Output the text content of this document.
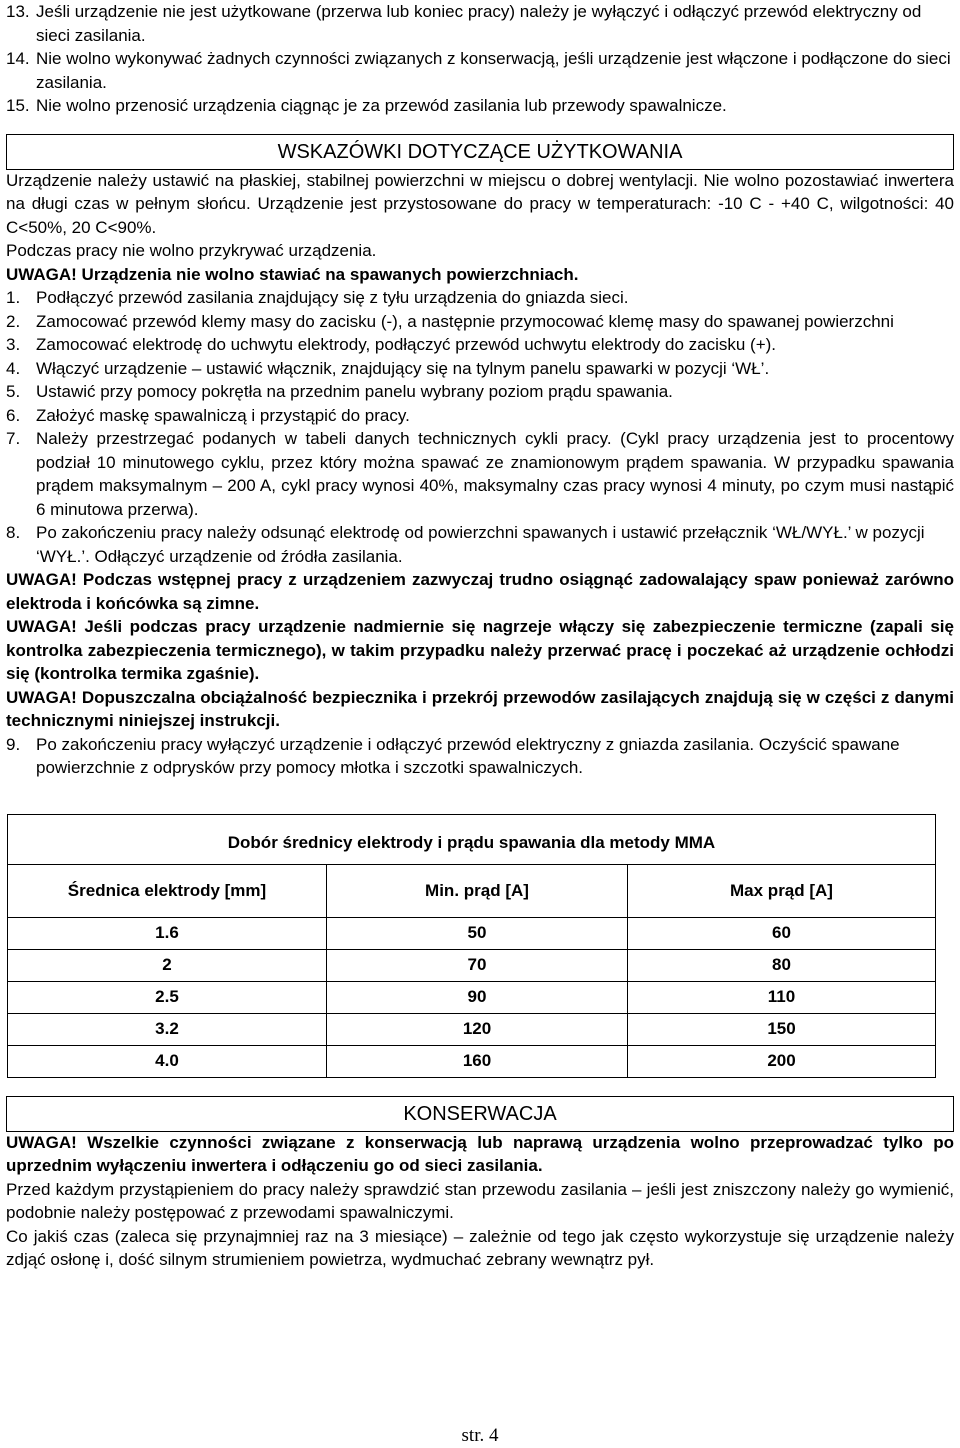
13. Jeśli urządzenie nie jest użytkowane (przerwa lub koniec pracy) należy je wyłączyć i odłączyć przewód elektryczny od sieci zasilania.
14. Nie wolno wykonywać żadnych czynności związanych z konserwacją, jeśli urządzenie jest włączone i podłączone do sieci zasilania.
15. Nie wolno przenosić urządzenia ciągnąc je za przewód zasilania lub przewody spawalnicze.
WSKAZÓWKI DOTYCZĄCE UŻYTKOWANIA

Urządzenie należy ustawić na płaskiej, stabilnej powierzchni w miejscu o dobrej wentylacji. Nie wolno pozostawiać inwertera na długi czas w pełnym słońcu. Urządzenie jest przystosowane do pracy w temperaturach: -10 C - +40 C, wilgotności: 40 C<50%, 20 C<90%.

Podczas pracy nie wolno przykrywać urządzenia.

UWAGA! Urządzenia nie wolno stawiać na spawanych powierzchniach.

1. Podłączyć przewód zasilania znajdujący się z tyłu urządzenia do gniazda sieci.
2. Zamocować przewód klemy masy do zacisku (-), a następnie przymocować klemę masy do spawanej powierzchni
3. Zamocować elektrodę do uchwytu elektrody, podłączyć przewód uchwytu elektrody do zacisku (+).
4. Włączyć urządzenie – ustawić włącznik, znajdujący się na tylnym panelu spawarki w pozycji ‘WŁ’.
5. Ustawić przy pomocy pokrętła na przednim panelu wybrany poziom prądu spawania.
6. Założyć maskę spawalniczą i przystąpić do pracy.
7. Należy przestrzegać podanych w tabeli danych technicznych cykli pracy. (Cykl pracy urządzenia jest to procentowy podział 10 minutowego cyklu, przez który można spawać ze znamionowym prądem spawania. W przypadku spawania prądem maksymalnym – 200 A, cykl pracy wynosi 40%, maksymalny czas pracy wynosi 4 minuty, po czym musi nastąpić 6 minutowa przerwa).
8. Po zakończeniu pracy należy odsunąć elektrodę od powierzchni spawanych i ustawić przełącznik ‘WŁ/WYŁ.’ w pozycji ‘WYŁ.’. Odłączyć urządzenie od źródła zasilania.

UWAGA! Podczas wstępnej pracy z urządzeniem zazwyczaj trudno osiągnąć zadowalający spaw ponieważ zarówno elektroda i końcówka są zimne.

UWAGA! Jeśli podczas pracy urządzenie nadmiernie się nagrzeje włączy się zabezpieczenie termiczne (zapali się kontrolka zabezpieczenia termicznego), w takim przypadku należy przerwać pracę i poczekać aż urządzenie ochłodzi się (kontrolka termika zgaśnie).

UWAGA! Dopuszczalna obciążalność bezpiecznika i przekrój przewodów zasilających znajdują się w części z danymi technicznymi niniejszej instrukcji.

9. Po zakończeniu pracy wyłączyć urządzenie i odłączyć przewód elektryczny z gniazda zasilania. Oczyścić spawane powierzchnie z odprysków przy pomocy młotka i szczotki spawalniczych.
Dobór średnicy elektrody i prądu spawania dla metody MMA		
Średnica elektrody [mm]	Min. prąd [A]	Max prąd [A]
1.6	50	60
2	70	80
2.5	90	110
3.2	120	150
4.0	160	200
KONSERWACJA

UWAGA! Wszelkie czynności związane z konserwacją lub naprawą urządzenia wolno przeprowadzać tylko po uprzednim wyłączeniu inwertera i odłączeniu go od sieci zasilania.

Przed każdym przystąpieniem do pracy należy sprawdzić stan przewodu zasilania – jeśli jest zniszczony należy go wymienić, podobnie należy postępować z przewodami spawalniczymi.

Co jakiś czas (zaleca się przynajmniej raz na 3 miesiące) – zależnie od tego jak często wykorzystuje się urządzenie należy zdjąć osłonę i, dość silnym strumieniem powietrza, wydmuchać zebrany wewnątrz pył.

str. 4
